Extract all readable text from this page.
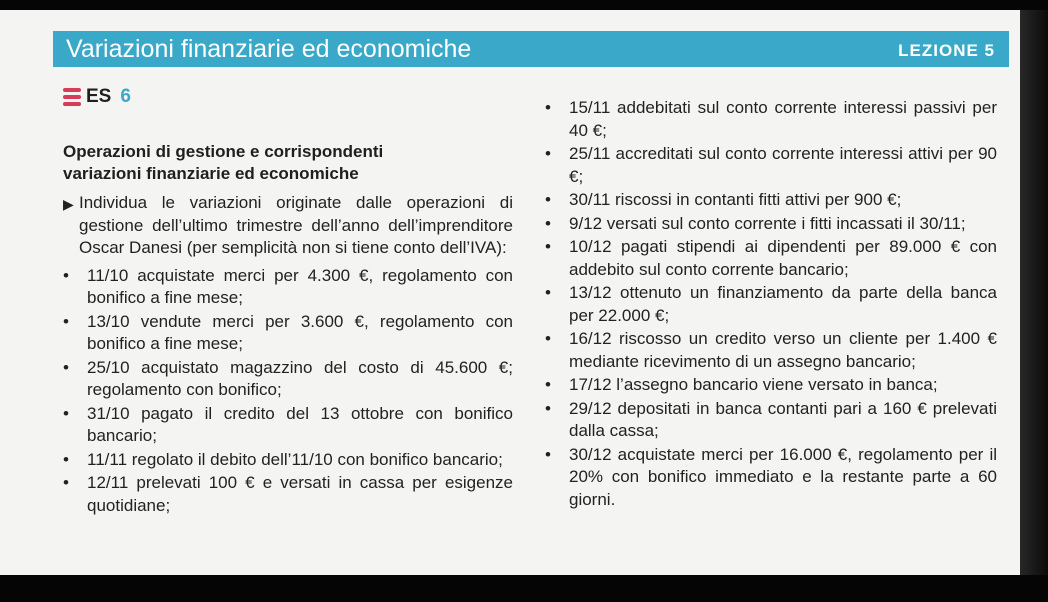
Variazioni finanziarie ed economiche	LEZIONE 5
ES 6

Operazioni di gestione e corrispondenti
variazioni finanziarie ed economiche

▶ Individua le variazioni originate dalle operazioni di gestione dell’ultimo trimestre dell’anno dell’imprenditore Oscar Danesi (per semplicità non si tiene conto dell’IVA):
• 11/10 acquistate merci per 4.300 €, regolamento con bonifico a fine mese;
• 13/10 vendute merci per 3.600 €, regolamento con bonifico a fine mese;
• 25/10 acquistato magazzino del costo di 45.600 €; regolamento con bonifico;
• 31/10 pagato il credito del 13 ottobre con bonifico bancario;
• 11/11 regolato il debito dell’11/10 con bonifico bancario;
• 12/11 prelevati 100 € e versati in cassa per esigenze quotidiane;
• 15/11 addebitati sul conto corrente interessi passivi per 40 €;
• 25/11 accreditati sul conto corrente interessi attivi per 90 €;
• 30/11 riscossi in contanti fitti attivi per 900 €;
• 9/12 versati sul conto corrente i fitti incassati il 30/11;
• 10/12 pagati stipendi ai dipendenti per 89.000 € con addebito sul conto corrente bancario;
• 13/12 ottenuto un finanziamento da parte della banca per 22.000 €;
• 16/12 riscosso un credito verso un cliente per 1.400 € mediante ricevimento di un assegno bancario;
• 17/12 l’assegno bancario viene versato in banca;
• 29/12 depositati in banca contanti pari a 160 € prelevati dalla cassa;
• 30/12 acquistate merci per 16.000 €, regolamento per il 20% con bonifico immediato e la restante parte a 60 giorni.
